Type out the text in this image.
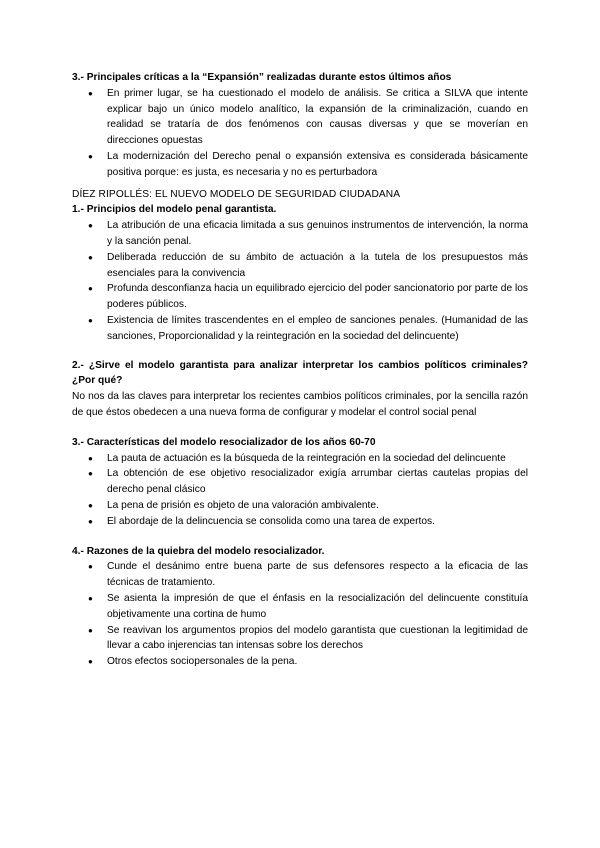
3.- Principales críticas a la “Expansión” realizadas durante estos últimos años

● En primer lugar, se ha cuestionado el modelo de análisis. Se critica a SILVA que intente explicar bajo un único modelo analítico, la expansión de la criminalización, cuando en realidad se trataría de dos fenómenos con causas diversas y que se moverían en direcciones opuestas
● La modernización del Derecho penal o expansión extensiva es considerada básicamente positiva porque: es justa, es necesaria y no es perturbadora

DÍEZ RIPOLLÉS: EL NUEVO MODELO DE SEGURIDAD CIUDADANA

1.- Principios del modelo penal garantista.

● La atribución de una eficacia limitada a sus genuinos instrumentos de intervención, la norma y la sanción penal.
● Deliberada reducción de su ámbito de actuación a la tutela de los presupuestos más esenciales para la convivencia
● Profunda desconfianza hacia un equilibrado ejercicio del poder sancionatorio por parte de los poderes públicos.
● Existencia de límites trascendentes en el empleo de sanciones penales. (Humanidad de las sanciones, Proporcionalidad y la reintegración en la sociedad del delincuente)

2.- ¿Sirve el modelo garantista para analizar interpretar los cambios políticos criminales? ¿Por qué?

No nos da las claves para interpretar los recientes cambios políticos criminales, por la sencilla razón de que éstos obedecen a una nueva forma de configurar y modelar el control social penal

3.- Características del modelo resocializador de los años 60-70

● La pauta de actuación es la búsqueda de la reintegración en la sociedad del delincuente
● La obtención de ese objetivo resocializador exigía arrumbar ciertas cautelas propias del derecho penal clásico
● La pena de prisión es objeto de una valoración ambivalente.
● El abordaje de la delincuencia se consolida como una tarea de expertos.

4.- Razones de la quiebra del modelo resocializador.

● Cunde el desánimo entre buena parte de sus defensores respecto a la eficacia de las técnicas de tratamiento.
● Se asienta la impresión de que el énfasis en la resocialización del delincuente constituía objetivamente una cortina de humo
● Se reavivan los argumentos propios del modelo garantista que cuestionan la legitimidad de llevar a cabo injerencias tan intensas sobre los derechos
● Otros efectos sociopersonales de la pena.
